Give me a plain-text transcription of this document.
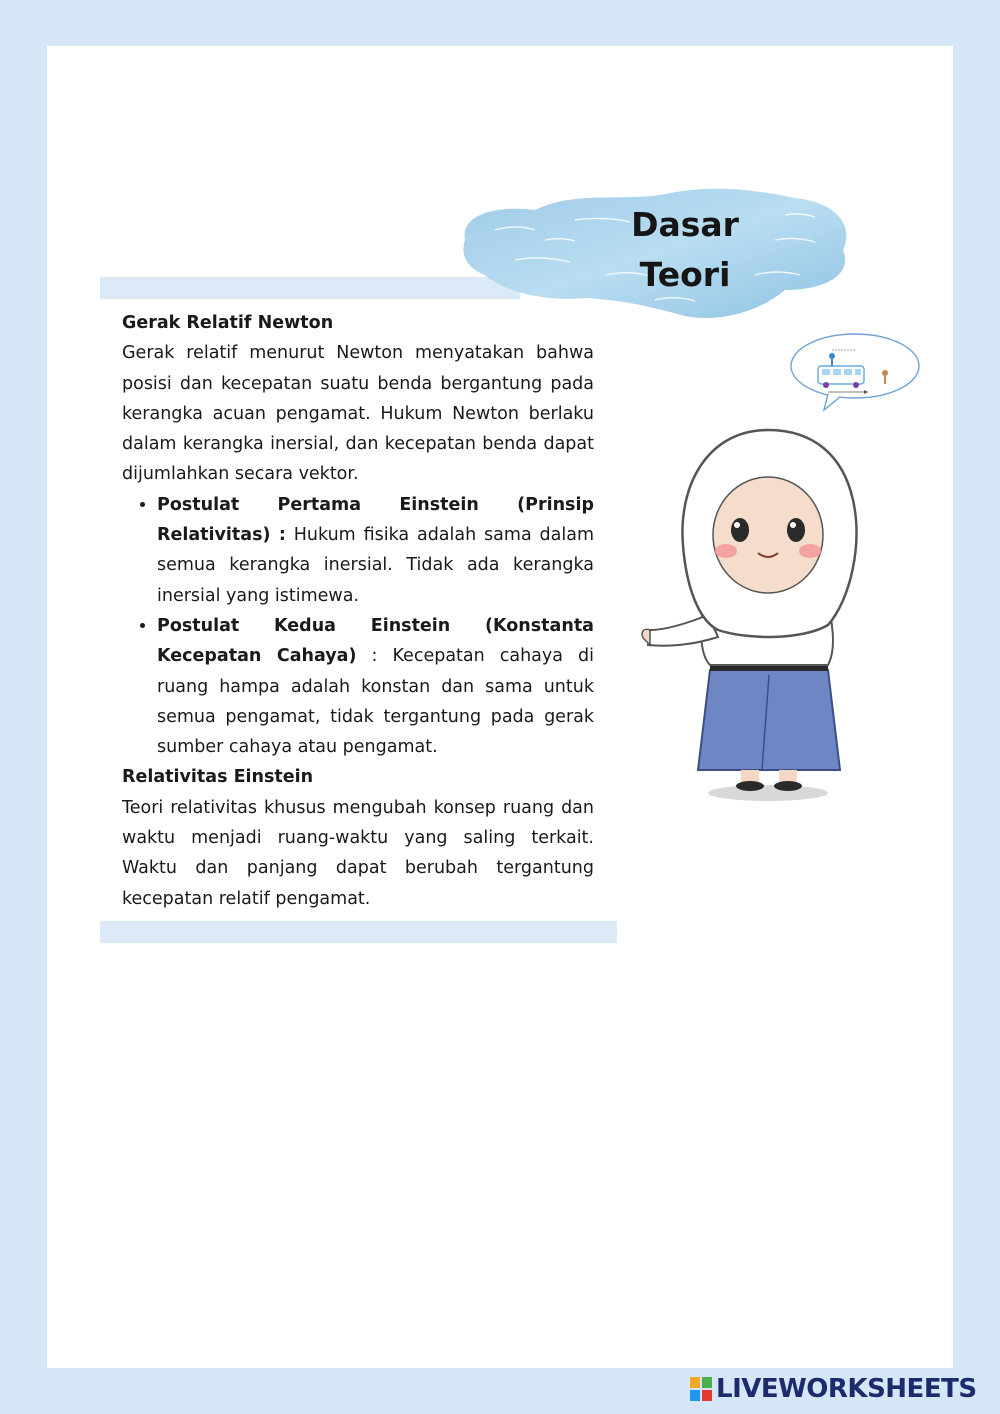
Dasar
Teori

Gerak Relatif Newton

Gerak relatif menurut Newton menyatakan bahwa posisi dan kecepatan suatu benda bergantung pada kerangka acuan pengamat. Hukum Newton berlaku dalam kerangka inersial, dan kecepatan benda dapat dijumlahkan secara vektor.

• Postulat Pertama Einstein (Prinsip Relativitas) : Hukum fisika adalah sama dalam semua kerangka inersial. Tidak ada kerangka inersial yang istimewa.
• Postulat Kedua Einstein (Konstanta Kecepatan Cahaya) : Kecepatan cahaya di ruang hampa adalah konstan dan sama untuk semua pengamat, tidak tergantung pada gerak sumber cahaya atau pengamat.

Relativitas Einstein

Teori relativitas khusus mengubah konsep ruang dan waktu menjadi ruang-waktu yang saling terkait. Waktu dan panjang dapat berubah tergantung kecepatan relatif pengamat.

LIVEWORKSHEETS
